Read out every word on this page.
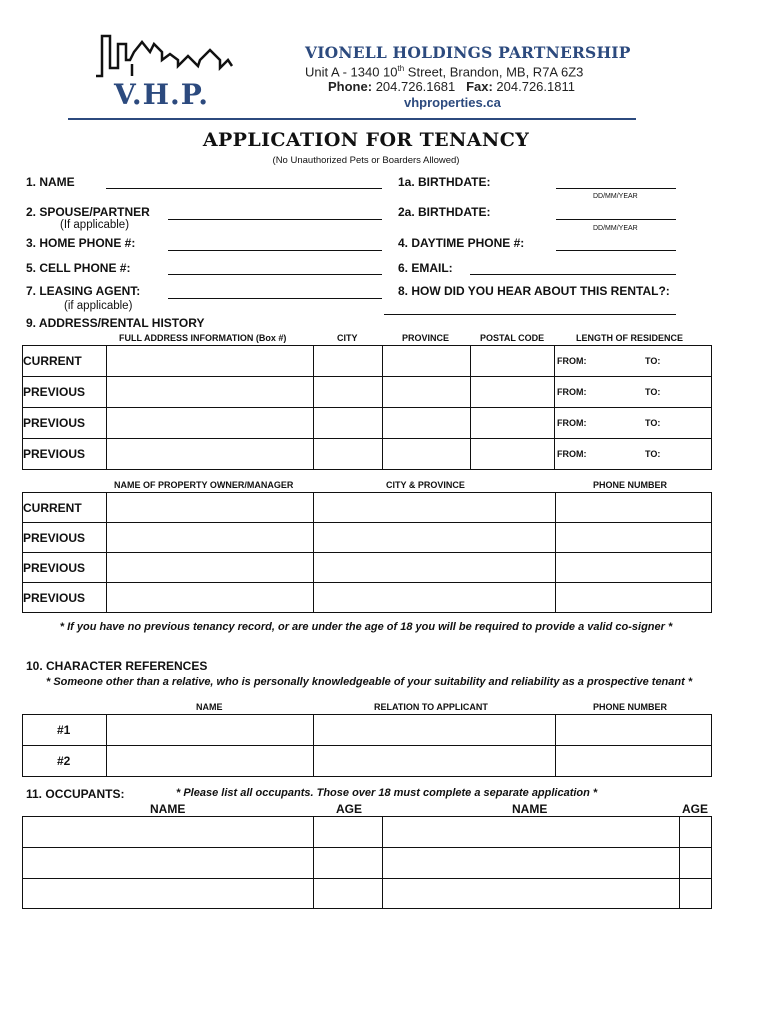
V.H.P.
VIONELL HOLDINGS PARTNERSHIP
Unit A - 1340 10th Street, Brandon, MB, R7A 6Z3
Phone: 204.726.1681 Fax: 204.726.1811
vhproperties.ca
APPLICATION FOR TENANCY
(No Unauthorized Pets or Boarders Allowed)
1. NAME	1a. BIRTHDATE:
DD/MM/YEAR
2. SPOUSE/PARTNER
(If applicable)
2a. BIRTHDATE:
DD/MM/YEAR
3. HOME PHONE #:	4. DAYTIME PHONE #:
5. CELL PHONE #:	6. EMAIL:
7. LEASING AGENT:
(if applicable)
8. HOW DID YOU HEAR ABOUT THIS RENTAL?:
9. ADDRESS/RENTAL HISTORY
FULL ADDRESS INFORMATION (Box #)	CITY	PROVINCE	POSTAL CODE	LENGTH OF RESIDENCE
CURRENT					FROM: TO:

PREVIOUS					FROM: TO:

PREVIOUS					FROM: TO:

PREVIOUS					FROM: TO:
NAME OF PROPERTY OWNER/MANAGER	CITY & PROVINCE	PHONE NUMBER
CURRENT			
PREVIOUS			
PREVIOUS			
PREVIOUS			
* If you have no previous tenancy record, or are under the age of 18 you will be required to provide a valid co-signer *
10. CHARACTER REFERENCES
* Someone other than a relative, who is personally knowledgeable of your suitability and reliability as a prospective tenant *
NAME	RELATION TO APPLICANT	PHONE NUMBER
#1			
#2			
11. OCCUPANTS:	* Please list all occupants. Those over 18 must complete a separate application *
NAME	AGE	NAME	AGE
